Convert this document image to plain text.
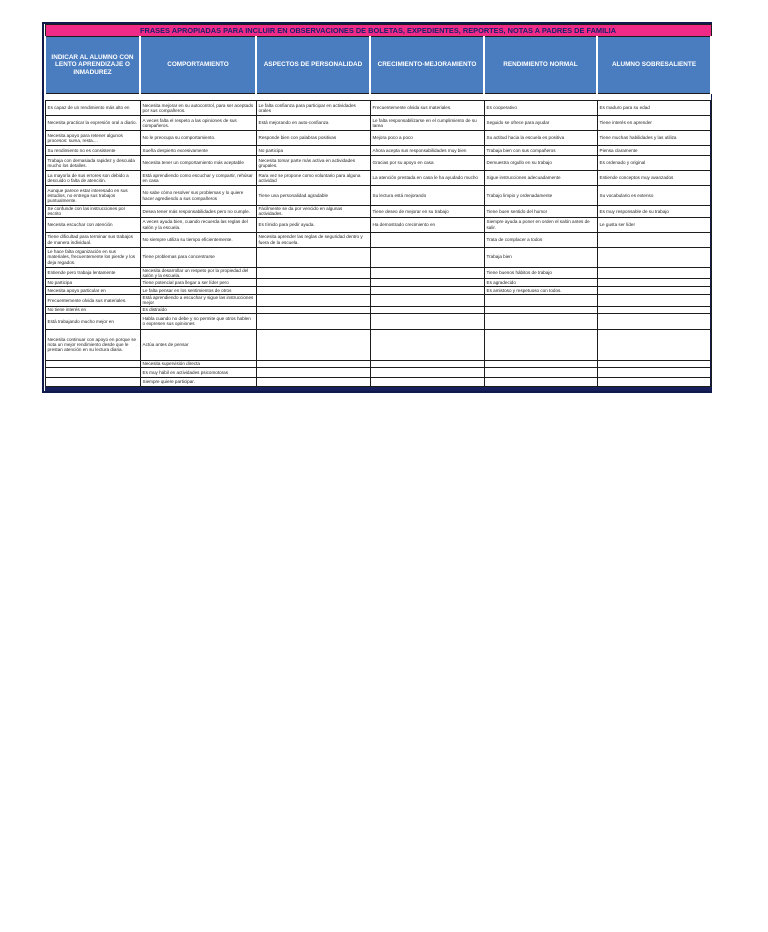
FRASES APROPIADAS PARA INCLUIR EN OBSERVACIONES DE BOLETAS, EXPEDIENTES, REPORTES, NOTAS A PADRES DE FAMILIA					
INDICAR AL ALUMNO CON LENTO APRENDIZAJE O INMADUREZ	COMPORTAMIENTO	ASPECTOS DE PERSONALIDAD	CRECIMIENTO-MEJORAMIENTO	RENDIMIENTO NORMAL	ALUMNO SOBRESALIENTE

Es capaz de un rendimiento más alto en	Necesita mejorar en su autocontrol, para ser aceptado por sus compañeros.	Le falta confianza para participar en actividades orales	Frecuentemente olvida sus materiales.	Es cooperativo	Es maduro para su edad
Necesita practicar la expresión oral a diario.	A veces falta el respeto a las opiniones de sus compañeros.	Está mejorando en auto-confianza	Le falta responsabilizarse en el cumplimiento de su tarea	Seguido se ofrece para ayudar	Tiene interés en aprender
Necesita apoyo para retener algunos procesos: suma, resta....	No le preocupa su comportamiento.	Responde bien con palabras positivas	Mejora poco a poco	Su actitud hacia la escuela es positiva	Tiene muchas habilidades y las utiliza
Su rendimiento no es consistente	Sueña despierto excesivamente	No participa	Ahora acepta sus responsabilidades muy bien	Trabaja bien con sus compañeros	Piensa claramente
Trabaja con demasiada rapidez y descuida mucho los detalles.	Necesita tener un comportamiento más aceptable	Necesita tomar parte más activa en actividades grupales.	Gracias por su apoyo en casa	Demuestra orgullo en su trabajo	Es ordenado y original
La mayoría de sus errores son debido a descuido o falta de atención.	Está aprendiendo como escuchar y compartir, rehúsar en casa	Rara vez se propone como voluntario para alguna actividad	La atención prestada en casa le ha ayudado mucho	Sigue instrucciones adecuadamente	Entiende conceptos muy avanzados
Aunque parece estar interesado en sus estudios, no entrega sus trabajos puntualmente.	No sabe cómo resolver sus problemas y lo quiere hacer agrediendo a sus compañeros	Tiene una personalidad agradable	Su lectura está mejorando	Trabajo limpio y ordenadamente	Su vocabulario es extenso
Se confunde con las instrucciones por escrito	Desea tener más responsabilidades pero no cumple.	Fácilmente se da por vencido en algunas actividades.	Tiene deseo de mejorar en su trabajo	Tiene buen sentido del humor	Es muy responsable de su trabajo
Necesita escuchar con atención	A veces ayuda bien, cuando recuerda las reglas del salón y la escuela.	Es tímido para pedir ayuda.	Ha demostrado crecimiento en	Siempre ayuda a poner en orden el salón antes de salir.	Le gusta ser líder
Tiene dificultad para terminar sus trabajos de manera individual.	No siempre utiliza su tiempo eficientemente.	Necesita aprender las reglas de seguridad dentro y fuera de la escuela.		Trata de complacer a todos	
Le hace falta organización en sus materiales, frecuentemente los pierde y los deja regados.	Tiene problemas para concentrarse			Trabaja bien	
Entiende pero trabaja lentamente	Necesita desarrollar un respeto por la propiedad del salón y la escuela.			Tiene buenos hábitos de trabajo	
No participa	Tiene potencial para llegar a ser líder pero			Es agradecido	
Necesita apoyo particular en	Le falta pensar en los sentimientos de otros			Es amistoso y respetuoso con todos.	
Frecuentemente olvida sus materiales.	Está aprendiendo a escuchar y sigue las instrucciones mejor				
No tiene interés en	Es distraído				
Está trabajando mucho mejor en	Habla cuando no debe y no permite que otros hablen o expresen sus opiniones				
Necesita continuar con apoyo en porque se nota un mejor rendimiento desde que le prestan atención en su lectura diaria.	Actúa antes de pensar				
	Necesita supervisión directa				
	Es muy hábil en actividades psicomotoras				
	Siempre quiere participar.				
